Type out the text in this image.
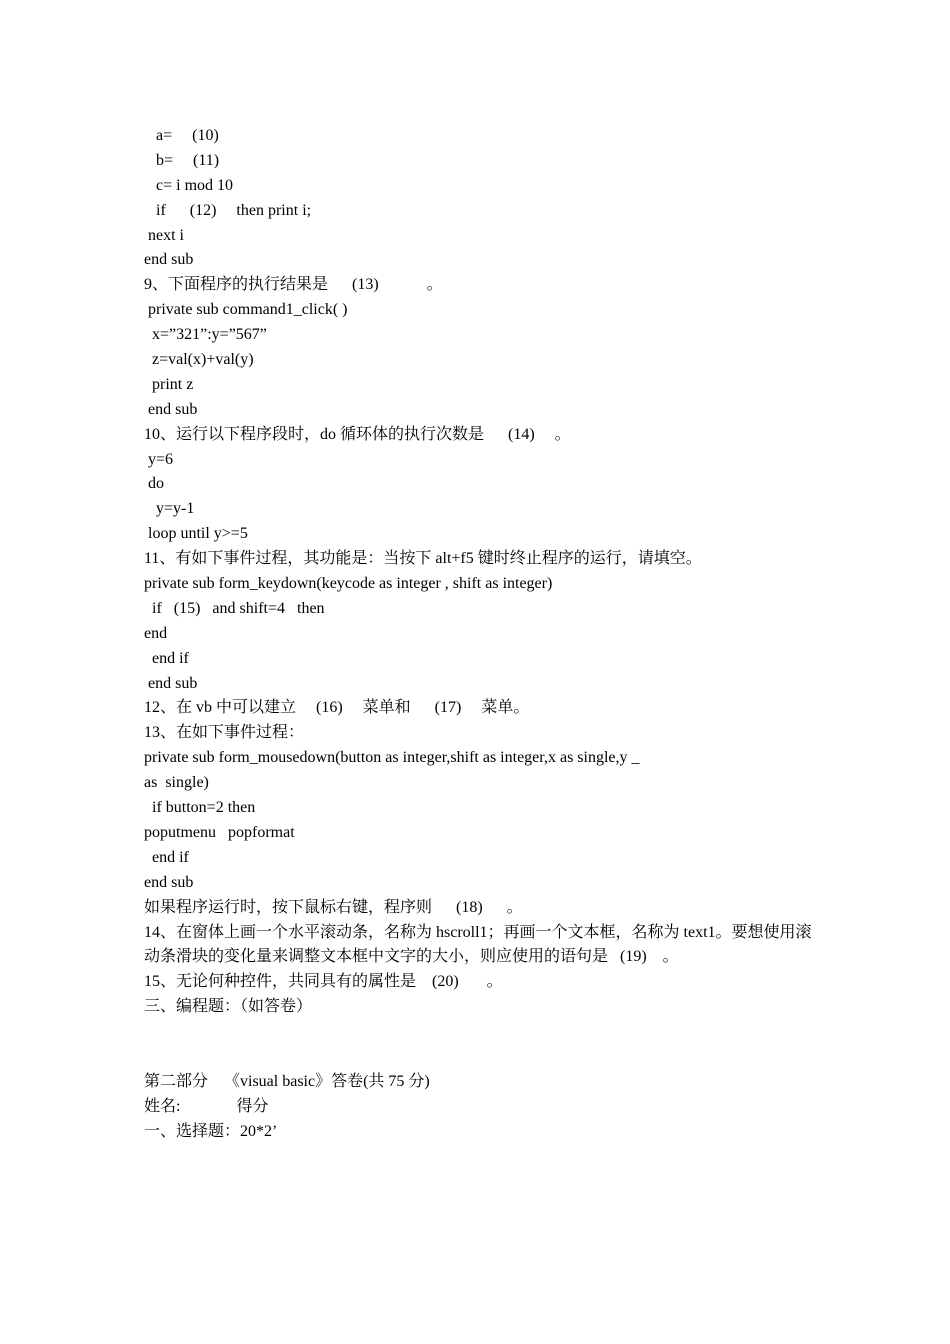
a=     (10)
b=     (11)
c= i mod 10
if      (12)     then print i;
next i
end sub
9、下面程序的执行结果是      (13)            。
private sub command1_click( )
x=”321”:y=”567”
z=val(x)+val(y)
print z
end sub
10、运行以下程序段时，do 循环体的执行次数是      (14)     。
y=6
do
y=y-1
loop until y>=5
11、有如下事件过程，其功能是：当按下 alt+f5 键时终止程序的运行，请填空。
private sub form_keydown(keycode as integer , shift as integer)
if   (15)   and shift=4   then
end
end if
end sub
12、在 vb 中可以建立     (16)     菜单和      (17)     菜单。
13、在如下事件过程：
private sub form_mousedown(button as integer,shift as integer,x as single,y _
as  single)
if button=2 then
poputmenu   popformat
end if
end sub
如果程序运行时，按下鼠标右键，程序则      (18)      。
14、在窗体上画一个水平滚动条，名称为 hscroll1；再画一个文本框，名称为 text1。要想使用滚
动条滑块的变化量来调整文本框中文字的大小，则应使用的语句是   (19)    。
15、无论何种控件，共同具有的属性是    (20)       。
三、编程题：（如答卷）
第二部分    《visual basic》答卷(共 75 分)
姓名:              得分
一、选择题：20*2’
